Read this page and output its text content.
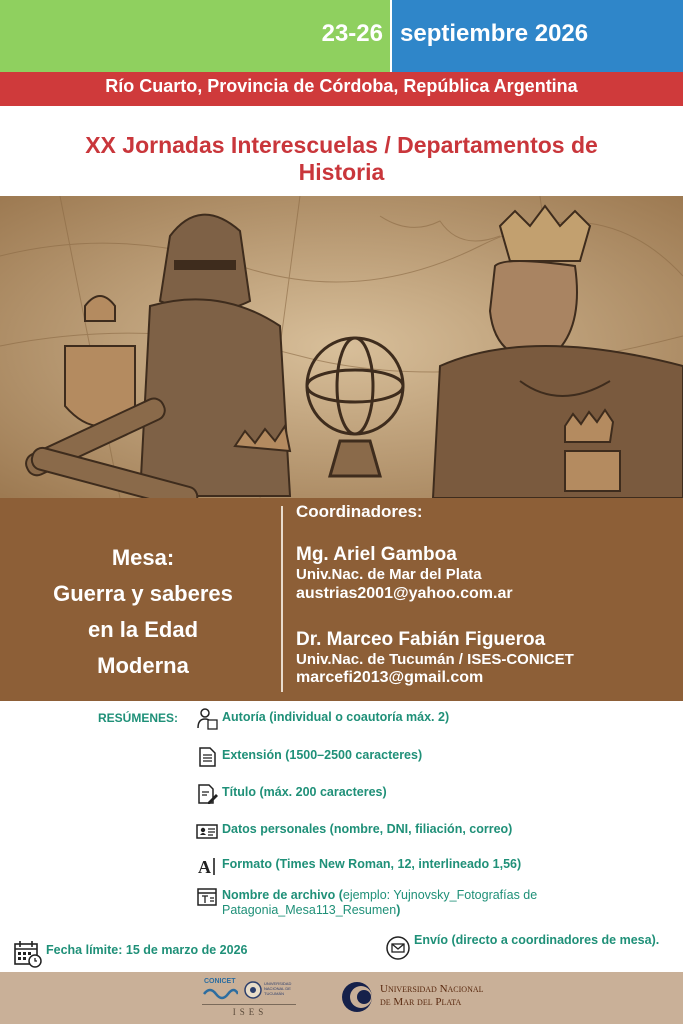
23-26 septiembre 2026
Río Cuarto, Provincia de Córdoba, República Argentina
XX Jornadas Interescuelas / Departamentos de
Historia
Mesa:
Guerra y saberes
en la Edad
Moderna
Coordinadores:
Mg. Ariel Gamboa
Univ.Nac. de Mar del Plata
austrias2001@yahoo.com.ar
Dr. Marceo Fabián Figueroa
Univ.Nac. de Tucumán / ISES-CONICET
marcefi2013@gmail.com
RESÚMENES:	Autoría (individual o coautoría máx. 2)
Extensión (1500–2500 caracteres)
Título (máx. 200 caracteres)
Datos personales (nombre, DNI, filiación, correo)
A Formato (Times New Roman, 12, interlineado 1,56)
Nombre de archivo (ejemplo: Yujnovsky_Fotografías de Patagonia_Mesa113_Resumen)
Fecha límite: 15 de marzo de 2026
Envío (directo a coordinadores de mesa).
CONICET	UNIVERSIDAD NACIONAL DE TUCUMÁN
ISES
Universidad Nacional
de Mar del Plata
